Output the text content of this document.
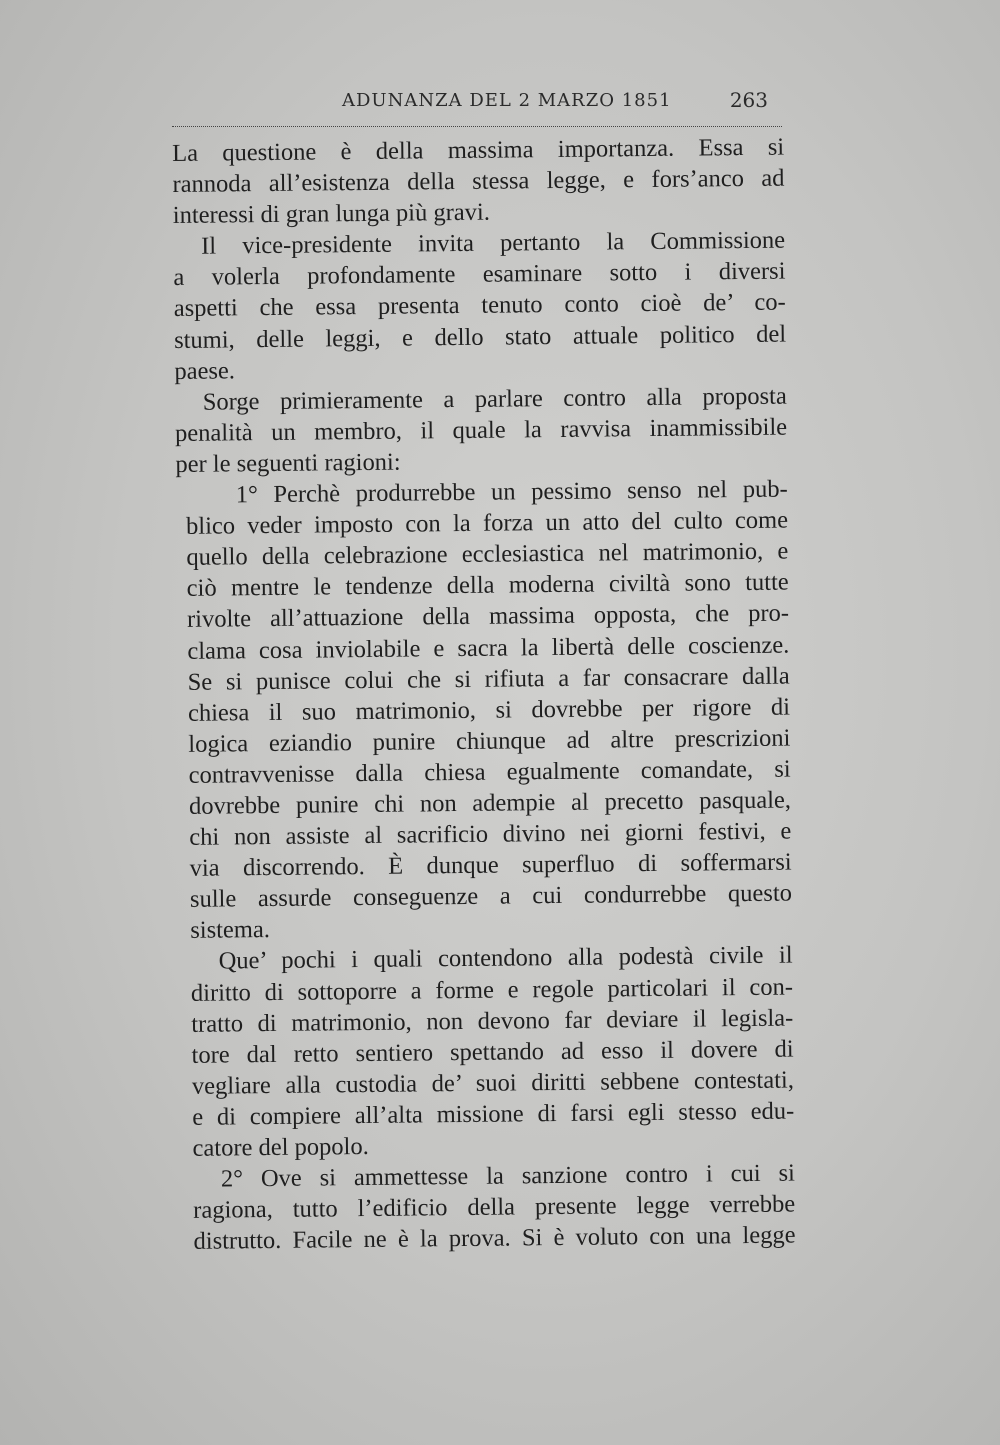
ADUNANZA DEL 2 MARZO 1851	263
La questione è della massima importanza. Essa si
rannoda all’esistenza della stessa legge, e fors’anco ad
interessi di gran lunga più gravi.
Il vice-presidente invita pertanto la Commissione
a volerla profondamente esaminare sotto i diversi
aspetti che essa presenta tenuto conto cioè de’ co-
stumi, delle leggi, e dello stato attuale politico del
paese.
Sorge primieramente a parlare contro alla proposta
penalità un membro, il quale la ravvisa inammissibile
per le seguenti ragioni:
1° Perchè produrrebbe un pessimo senso nel pub-
blico veder imposto con la forza un atto del culto come
quello della celebrazione ecclesiastica nel matrimonio, e
ciò mentre le tendenze della moderna civiltà sono tutte
rivolte all’attuazione della massima opposta, che pro-
clama cosa inviolabile e sacra la libertà delle coscienze.
Se si punisce colui che si rifiuta a far consacrare dalla
chiesa il suo matrimonio, si dovrebbe per rigore di
logica eziandio punire chiunque ad altre prescrizioni
contravvenisse dalla chiesa egualmente comandate, si
dovrebbe punire chi non adempie al precetto pasquale,
chi non assiste al sacrificio divino nei giorni festivi, e
via discorrendo. È dunque superfluo di soffermarsi
sulle assurde conseguenze a cui condurrebbe questo
sistema.
Que’ pochi i quali contendono alla podestà civile il
diritto di sottoporre a forme e regole particolari il con-
tratto di matrimonio, non devono far deviare il legisla-
tore dal retto sentiero spettando ad esso il dovere di
vegliare alla custodia de’ suoi diritti sebbene contestati,
e di compiere all’alta missione di farsi egli stesso edu-
catore del popolo.
2° Ove si ammettesse la sanzione contro i cui si
ragiona, tutto l’edificio della presente legge verrebbe
distrutto. Facile ne è la prova. Si è voluto con una legge
